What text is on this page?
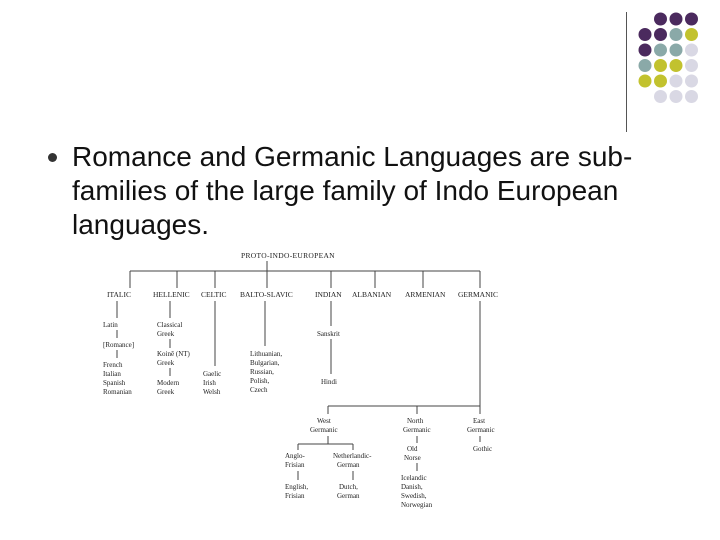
Romance and Germanic Languages are sub-families of the large family of Indo European languages.

PROTO-INDO-EUROPEAN
ITALIC	HELLENIC CELTIC BALTO-SLAVIC	INDIAN ALBANIAN ARMENIAN GERMANIC
Latin
[Romance]
French
Italian
Spanish
Romanian
Classical
Greek
Koinē (NT)
Greek
Modern
Greek
Gaelic
Irish
Welsh
Lithuanian,
Bulgarian,
Russian,
Polish,
Czech
Sanskrit
Hindi
West
Germanic
North
Germanic
East
Germanic
Anglo-
Frisian
Netherlandic-
German
English,
Frisian
Dutch,
German
Old
Norse
Icelandic
Danish,
Swedish,
Norwegian
Gothic
